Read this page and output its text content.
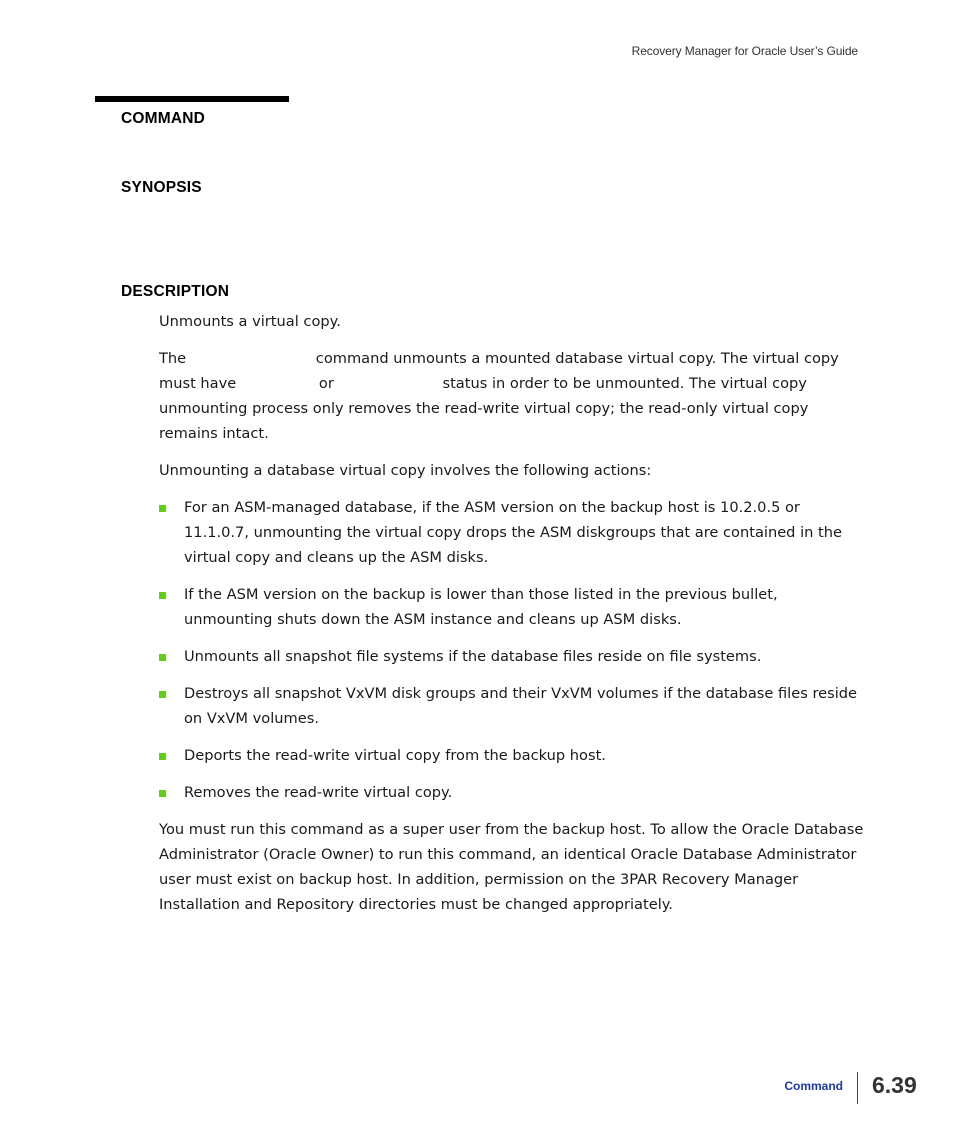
Recovery Manager for Oracle User’s Guide
COMMAND
SYNOPSIS
DESCRIPTION

Unmounts a virtual copy.

The	command unmounts a mounted database virtual copy. The virtual copy must have	or	status in order to be unmounted. The virtual copy unmounting process only removes the read-write virtual copy; the read-only virtual copy remains intact.

Unmounting a database virtual copy involves the following actions:

For an ASM-managed database, if the ASM version on the backup host is 10.2.0.5 or 11.1.0.7, unmounting the virtual copy drops the ASM diskgroups that are contained in the virtual copy and cleans up the ASM disks.
If the ASM version on the backup is lower than those listed in the previous bullet, unmounting shuts down the ASM instance and cleans up ASM disks.
Unmounts all snapshot file systems if the database files reside on file systems.
Destroys all snapshot VxVM disk groups and their VxVM volumes if the database files reside on VxVM volumes.
Deports the read-write virtual copy from the backup host.
Removes the read-write virtual copy.

You must run this command as a super user from the backup host. To allow the Oracle Database Administrator (Oracle Owner) to run this command, an identical Oracle Database Administrator user must exist on backup host. In addition, permission on the 3PAR Recovery Manager Installation and Repository directories must be changed appropriately.

Command 6.39
